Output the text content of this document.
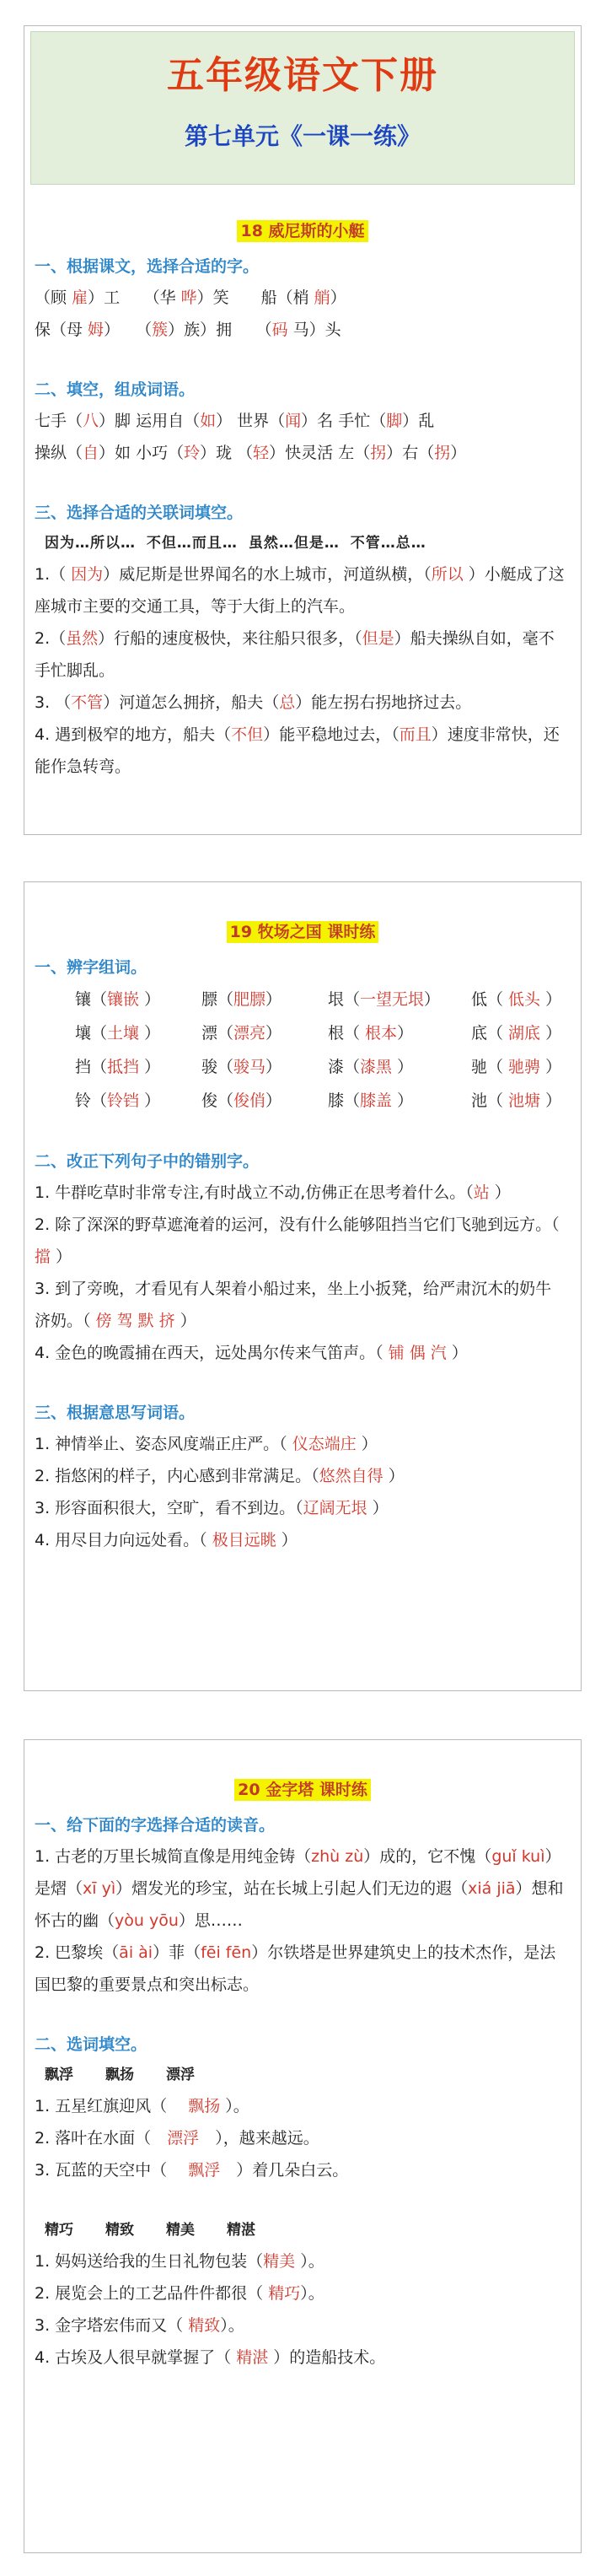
五年级语文下册
第七单元《一课一练》
18 威尼斯的小艇
一、根据课文，选择合适的字。
（顾 雇）工　　（华 哗）笑　　船（梢 艄）
保（母 姆）　　（簇）族）拥　　（码 马）头
二、填空，组成词语。
七手（八）脚 运用自（如） 世界（闻）名 手忙（脚）乱
操纵（自）如 小巧（玲）珑 （轻）快灵活 左（拐）右（拐）
三、选择合适的关联词填空。
因为…所以… 不但…而且… 虽然…但是… 不管…总…
1.（ 因为）威尼斯是世界闻名的水上城市，河道纵横，（所以 ）小艇成了这座城市主要的交通工具，等于大街上的汽车。
2.（虽然）行船的速度极快，来往船只很多，（但是）船夫操纵自如，毫不手忙脚乱。
3. （不管）河道怎么拥挤，船夫（总）能左拐右拐地挤过去。
4. 遇到极窄的地方，船夫（不但）能平稳地过去，（而且）速度非常快，还能作急转弯。
19 牧场之国 课时练
一、辨字组词。
镶（镶嵌 ）	膘（肥膘）	垠（一望无垠） 低（ 低头 ）
壤（土壤 ）	漂（漂亮）	根（ 根本）	底（ 湖底 ）
挡（抵挡 ）	骏（骏马）	漆（漆黑 ）	驰（ 驰骋 ）
铃（铃铛 ）	俊（俊俏）	膝（膝盖 ）	池（ 池塘 ）
二、改正下列句子中的错别字。
1. 牛群吃草时非常专注,有时战立不动,仿佛正在思考着什么。（站 ）
2. 除了深深的野草遮淹着的运河，没有什么能够阻挡当它们飞驰到远方。（ 擋 ）
3. 到了旁晚，才看见有人架着小船过来，坐上小扳凳，给严肃沉木的奶牛济奶。（ 傍 驾 默 挤 ）
4. 金色的晚霞捕在西天，远处禺尔传来气笛声。（ 铺 偶 汽 ）
三、根据意思写词语。
1. 神情举止、姿态风度端正庄严。（ 仪态端庄 ）
2. 指悠闲的样子，内心感到非常满足。（悠然自得 ）
3. 形容面积很大，空旷，看不到边。（辽阔无垠 ）
4. 用尽目力向远处看。（ 极目远眺 ）
20 金字塔 课时练
一、给下面的字选择合适的读音。
1. 古老的万里长城简直像是用纯金铸（zhù zù）成的，它不愧（guǐ kuì）是熠（xī yì）熠发光的珍宝，站在长城上引起人们无边的遐（xiá jiā）想和怀古的幽（yòu yōu）思……
2. 巴黎埃（āi ài）菲（fēi fēn）尔铁塔是世界建筑史上的技术杰作，是法国巴黎的重要景点和突出标志。
二、选词填空。
飘浮 飘扬 漂浮
1. 五星红旗迎风（　 飘扬 ）。
2. 落叶在水面（　漂浮　），越来越远。
3. 瓦蓝的天空中（　 飘浮　）着几朵白云。
精巧 精致 精美 精湛
1. 妈妈送给我的生日礼物包装（精美 ）。
2. 展览会上的工艺品件件都很（ 精巧）。
3. 金字塔宏伟而又（ 精致）。
4. 古埃及人很早就掌握了（ 精湛 ）的造船技术。
